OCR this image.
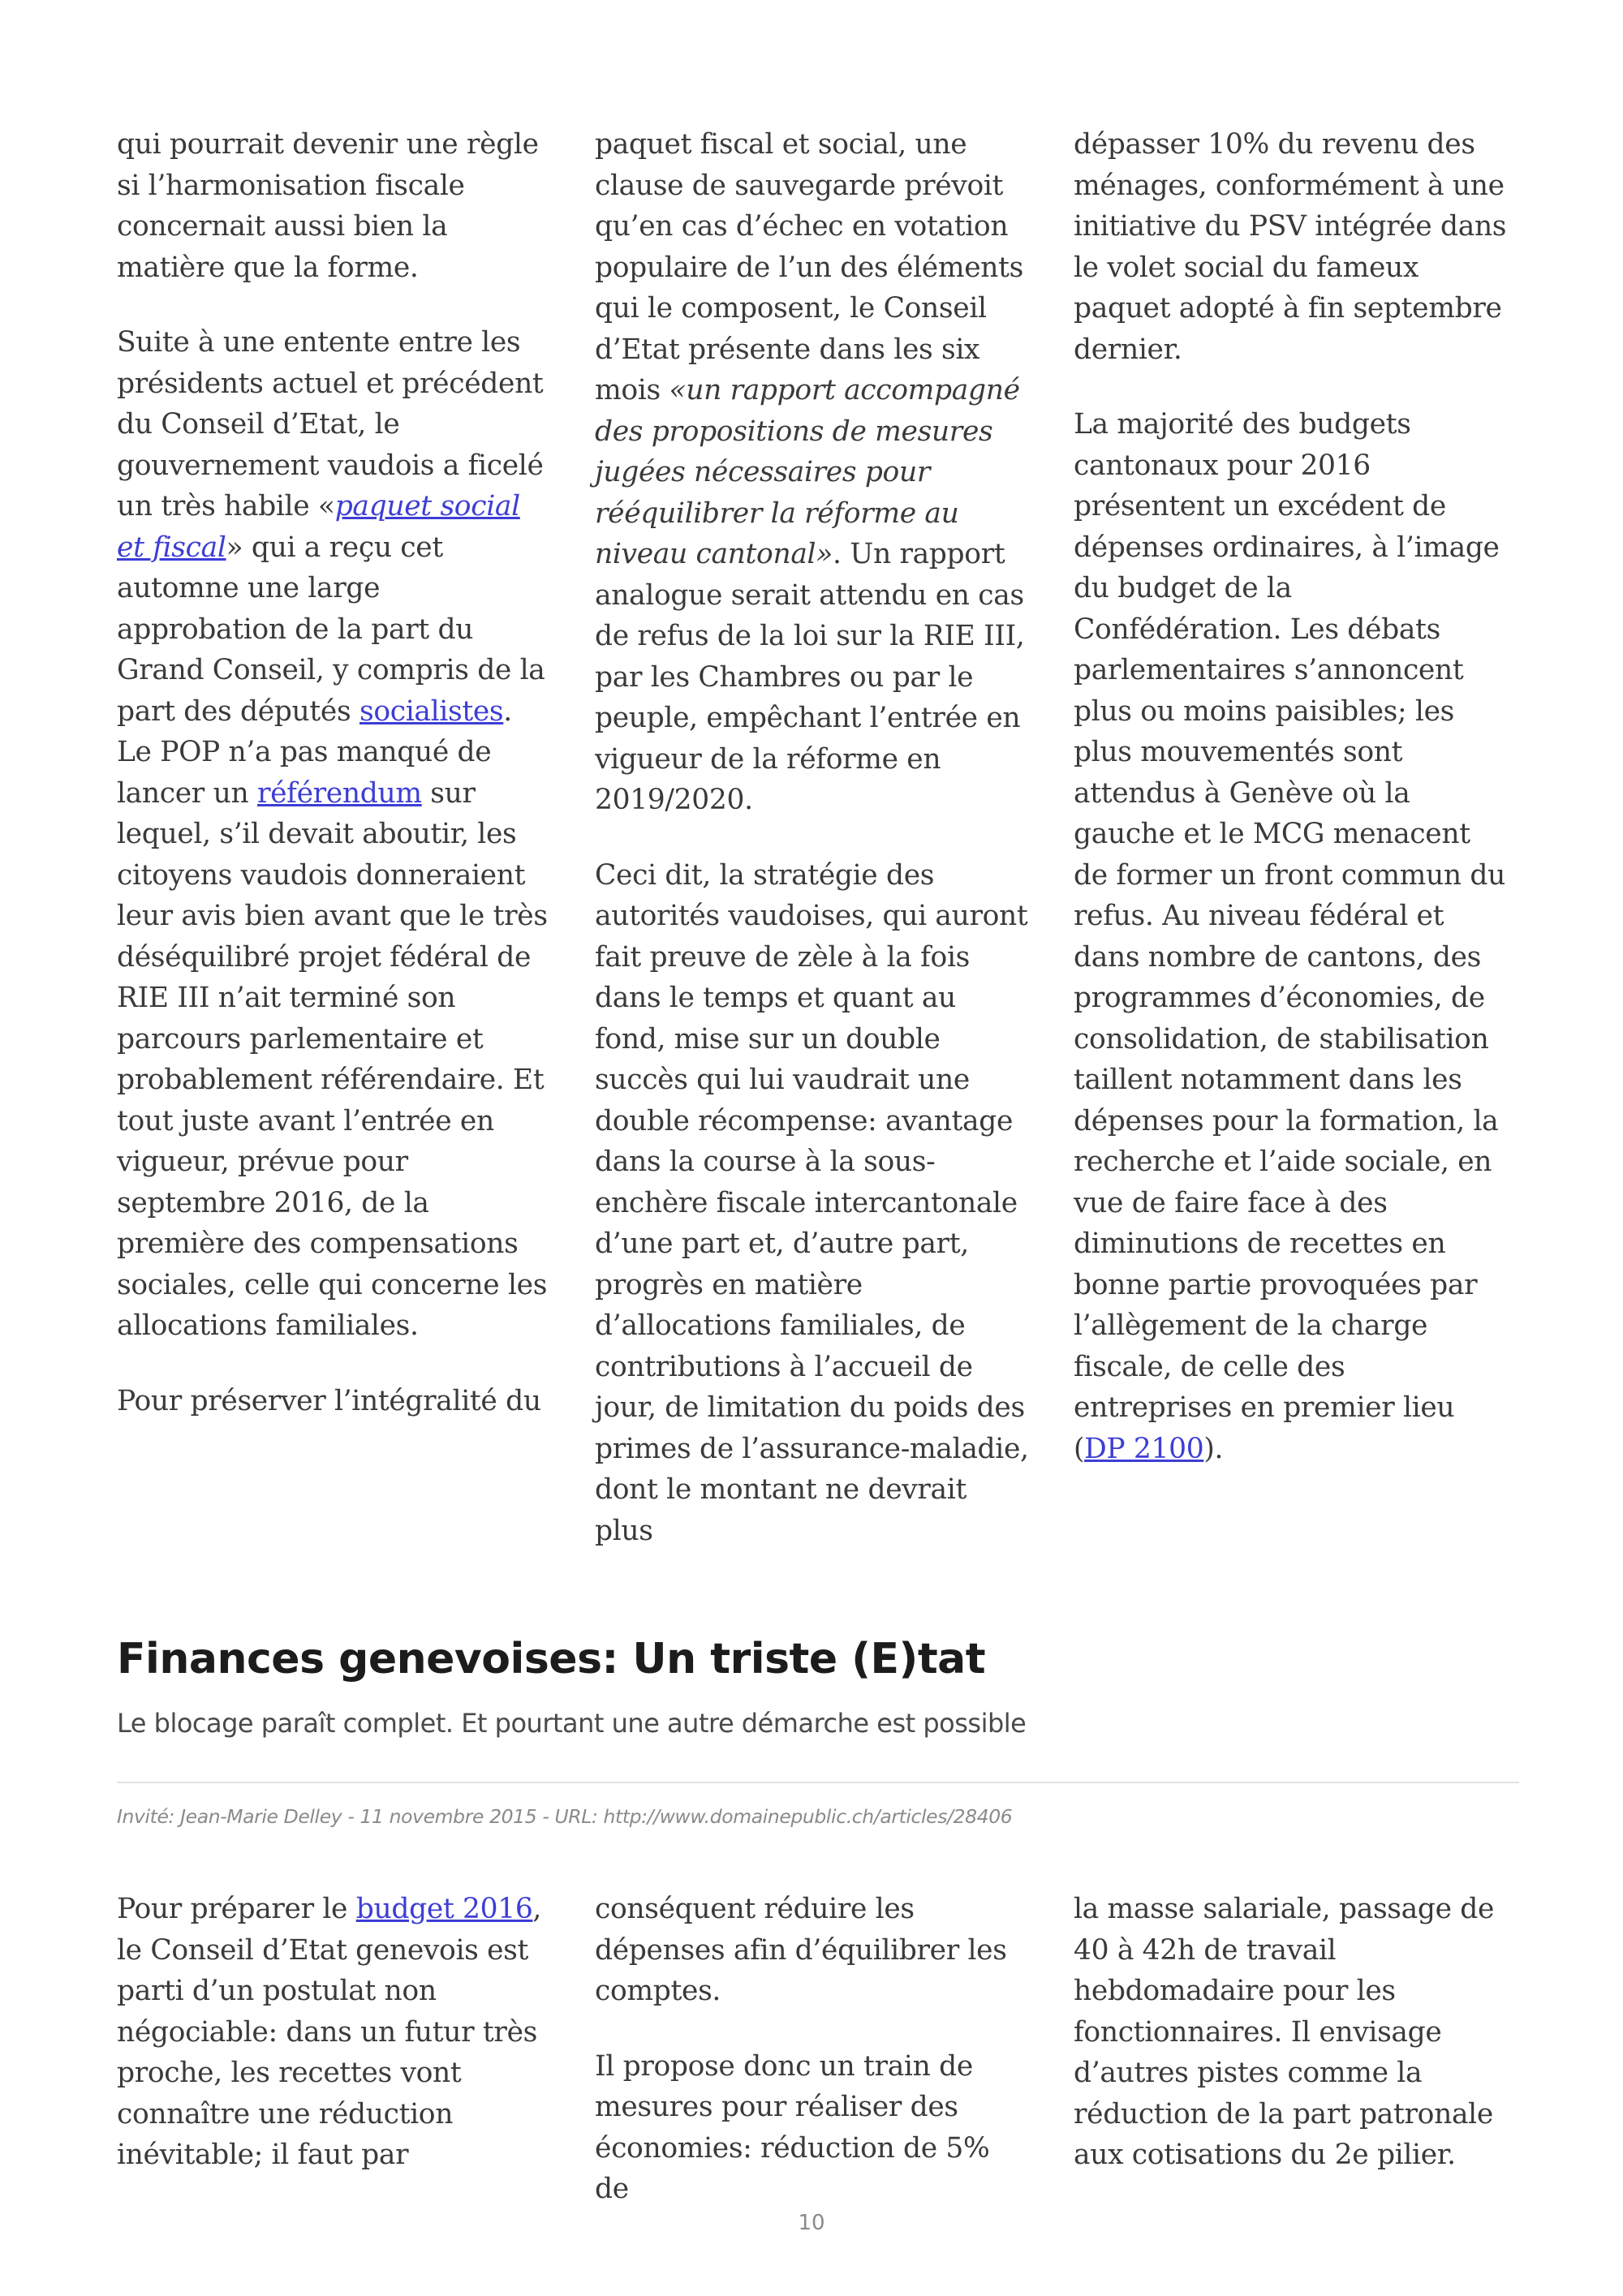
qui pourrait devenir une règle si l’harmonisation fiscale concernait aussi bien la matière que la forme.

Suite à une entente entre les présidents actuel et précédent du Conseil d’Etat, le gouvernement vaudois a ficelé un très habile «paquet social et fiscal» qui a reçu cet automne une large approbation de la part du Grand Conseil, y compris de la part des députés socialistes. Le POP n’a pas manqué de lancer un référendum sur lequel, s’il devait aboutir, les citoyens vaudois donneraient leur avis bien avant que le très déséquilibré projet fédéral de RIE III n’ait terminé son parcours parlementaire et probablement référendaire. Et tout juste avant l’entrée en vigueur, prévue pour septembre 2016, de la première des compensations sociales, celle qui concerne les allocations familiales.

Pour préserver l’intégralité du

paquet fiscal et social, une clause de sauvegarde prévoit qu’en cas d’échec en votation populaire de l’un des éléments qui le composent, le Conseil d’Etat présente dans les six mois «un rapport accompagné des propositions de mesures jugées nécessaires pour rééquilibrer la réforme au niveau cantonal». Un rapport analogue serait attendu en cas de refus de la loi sur la RIE III, par les Chambres ou par le peuple, empêchant l’entrée en vigueur de la réforme en 2019/2020.

Ceci dit, la stratégie des autorités vaudoises, qui auront fait preuve de zèle à la fois dans le temps et quant au fond, mise sur un double succès qui lui vaudrait une double récompense: avantage dans la course à la sous-enchère fiscale intercantonale d’une part et, d’autre part, progrès en matière d’allocations familiales, de contributions à l’accueil de jour, de limitation du poids des primes de l’assurance-maladie, dont le montant ne devrait plus

dépasser 10% du revenu des ménages, conformément à une initiative du PSV intégrée dans le volet social du fameux paquet adopté à fin septembre dernier.

La majorité des budgets cantonaux pour 2016 présentent un excédent de dépenses ordinaires, à l’image du budget de la Confédération. Les débats parlementaires s’annoncent plus ou moins paisibles; les plus mouvementés sont attendus à Genève où la gauche et le MCG menacent de former un front commun du refus. Au niveau fédéral et dans nombre de cantons, des programmes d’économies, de consolidation, de stabilisation taillent notamment dans les dépenses pour la formation, la recherche et l’aide sociale, en vue de faire face à des diminutions de recettes en bonne partie provoquées par l’allègement de la charge fiscale, de celle des entreprises en premier lieu (DP 2100).

Finances genevoises: Un triste (E)tat
Le blocage paraît complet. Et pourtant une autre démarche est possible
Invité: Jean-Marie Delley - 11 novembre 2015 - URL: http://www.domainepublic.ch/articles/28406

Pour préparer le budget 2016, le Conseil d’Etat genevois est parti d’un postulat non négociable: dans un futur très proche, les recettes vont connaître une réduction inévitable; il faut par

conséquent réduire les dépenses afin d’équilibrer les comptes.

Il propose donc un train de mesures pour réaliser des économies: réduction de 5% de

la masse salariale, passage de 40 à 42h de travail hebdomadaire pour les fonctionnaires. Il envisage d’autres pistes comme la réduction de la part patronale aux cotisations du 2e pilier.

10
